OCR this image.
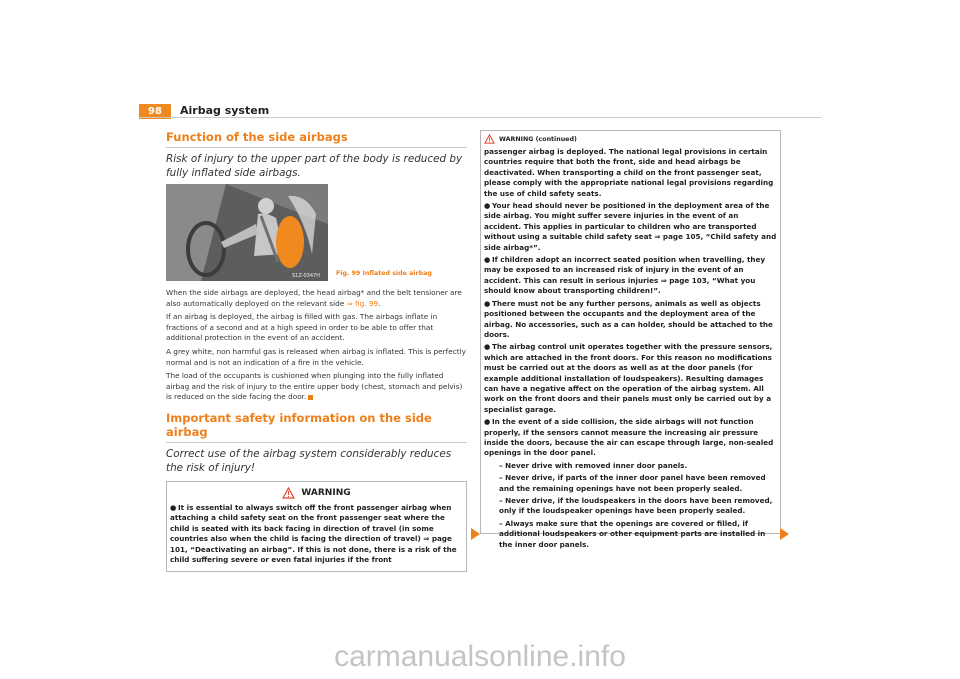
98	Airbag system
Function of the side airbags

Risk of injury to the upper part of the body is reduced by fully inflated side airbags.

S1Z-0347H	Fig. 99 Inflated side airbag

When the side airbags are deployed, the head airbag* and the belt tensioner are also automatically deployed on the relevant side ⇒ fig. 99.

If an airbag is deployed, the airbag is filled with gas. The airbags inflate in fractions of a second and at a high speed in order to be able to offer that additional protection in the event of an accident.

A grey white, non harmful gas is released when airbag is inflated. This is perfectly normal and is not an indication of a fire in the vehicle.

The load of the occupants is cushioned when plunging into the fully inflated airbag and the risk of injury to the entire upper body (chest, stomach and pelvis) is reduced on the side facing the door.

Important safety information on the side airbag

Correct use of the airbag system considerably reduces the risk of injury!

WARNING

● It is essential to always switch off the front passenger airbag when attaching a child safety seat on the front passenger seat where the child is seated with its back facing in direction of travel (in some countries also when the child is facing the direction of travel) ⇒ page 101, “Deactivating an airbag”. If this is not done, there is a risk of the child suffering severe or even fatal injuries if the front

WARNING (continued)

passenger airbag is deployed. The national legal provisions in certain countries require that both the front, side and head airbags be deactivated. When transporting a child on the front passenger seat, please comply with the appropriate national legal provisions regarding the use of child safety seats.

● Your head should never be positioned in the deployment area of the side airbag. You might suffer severe injuries in the event of an accident. This applies in particular to children who are transported without using a suitable child safety seat ⇒ page 105, “Child safety and side airbag*”.

● If children adopt an incorrect seated position when travelling, they may be exposed to an increased risk of injury in the event of an accident. This can result in serious injuries ⇒ page 103, “What you should know about transporting children!”.

● There must not be any further persons, animals as well as objects positioned between the occupants and the deployment area of the airbag. No accessories, such as a can holder, should be attached to the doors.

● The airbag control unit operates together with the pressure sensors, which are attached in the front doors. For this reason no modifications must be carried out at the doors as well as at the door panels (for example additional installation of loudspeakers). Resulting damages can have a negative affect on the operation of the airbag system. All work on the front doors and their panels must only be carried out by a specialist garage.

● In the event of a side collision, the side airbags will not function properly, if the sensors cannot measure the increasing air pressure inside the doors, because the air can escape through large, non-sealed openings in the door panel.

– Never drive with removed inner door panels.

– Never drive, if parts of the inner door panel have been removed and the remaining openings have not been properly sealed.

– Never drive, if the loudspeakers in the doors have been removed, only if the loudspeaker openings have been properly sealed.

– Always make sure that the openings are covered or filled, if additional loudspeakers or other equipment parts are installed in the inner door panels.

carmanualsonline.info
